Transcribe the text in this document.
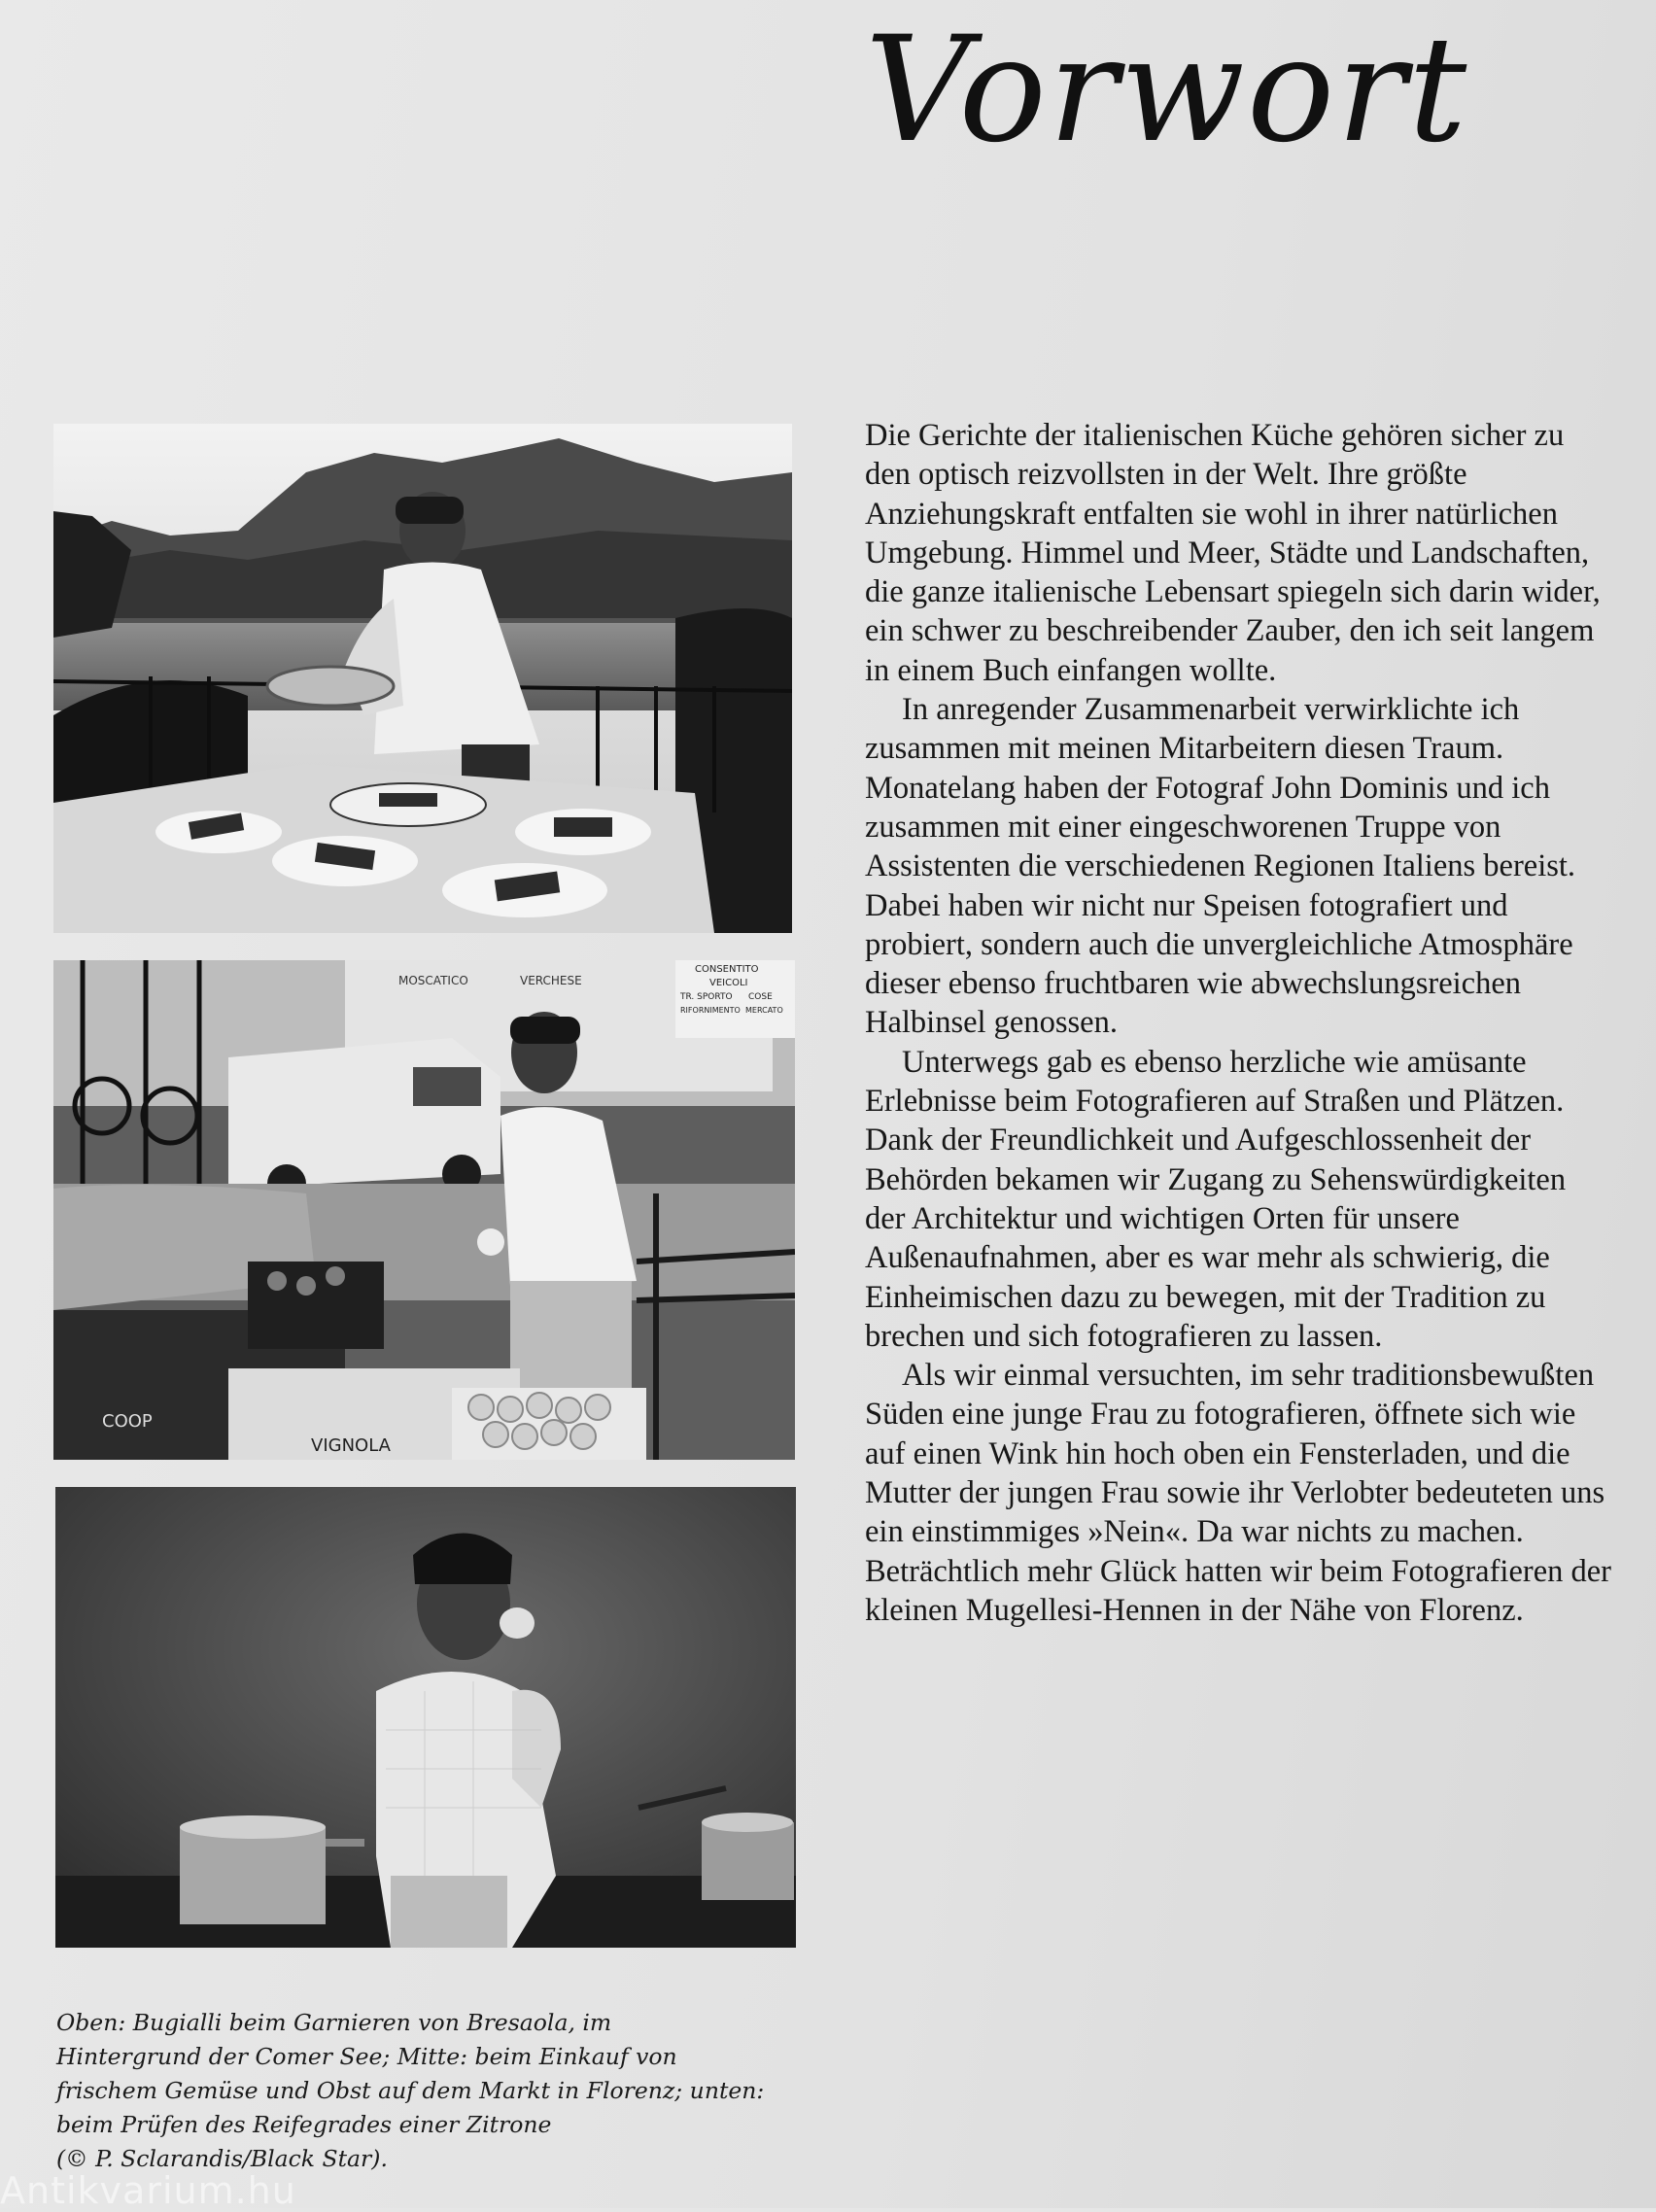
Vorwort
MOSCATICO	VERCHESE
CONSENTITO
VEICOLI
TR. SPORTO COSE
RIFORNIMENTO MERCATO
VIGNOLA
COOP

Die Gerichte der italienischen Küche gehören sicher zu den optisch reizvollsten in der Welt. Ihre größte Anziehungskraft entfalten sie wohl in ihrer natürlichen Umgebung. Himmel und Meer, Städte und Landschaften, die ganze italienische Lebensart spiegeln sich darin wider, ein schwer zu beschreibender Zauber, den ich seit langem in einem Buch einfangen wollte.

In anregender Zusammenarbeit verwirklichte ich zusammen mit meinen Mitarbeitern diesen Traum. Monatelang haben der Fotograf John Dominis und ich zusammen mit einer eingeschworenen Truppe von Assistenten die verschiedenen Regionen Italiens bereist. Dabei haben wir nicht nur Speisen fotografiert und probiert, sondern auch die unvergleichliche Atmosphäre dieser ebenso fruchtbaren wie abwechslungsreichen Halbinsel genossen.

Unterwegs gab es ebenso herzliche wie amüsante Erlebnisse beim Fotografieren auf Straßen und Plätzen. Dank der Freundlichkeit und Aufgeschlossenheit der Behörden bekamen wir Zugang zu Sehenswürdigkeiten der Architektur und wichtigen Orten für unsere Außenaufnahmen, aber es war mehr als schwierig, die Einheimischen dazu zu bewegen, mit der Tradition zu brechen und sich fotografieren zu lassen.

Als wir einmal versuchten, im sehr traditionsbewußten Süden eine junge Frau zu fotografieren, öffnete sich wie auf einen Wink hin hoch oben ein Fensterladen, und die Mutter der jungen Frau sowie ihr Verlobter bedeuteten uns ein einstimmiges »Nein«. Da war nichts zu machen. Beträchtlich mehr Glück hatten wir beim Fotografieren der kleinen Mugellesi-Hennen in der Nähe von Florenz.

Oben: Bugialli beim Garnieren von Bresaola, im
Hintergrund der Comer See; Mitte: beim Einkauf von
frischem Gemüse und Obst auf dem Markt in Florenz; unten:
beim Prüfen des Reifegrades einer Zitrone
(© P. Sclarandis/Black Star).
Antikvarium.hu
